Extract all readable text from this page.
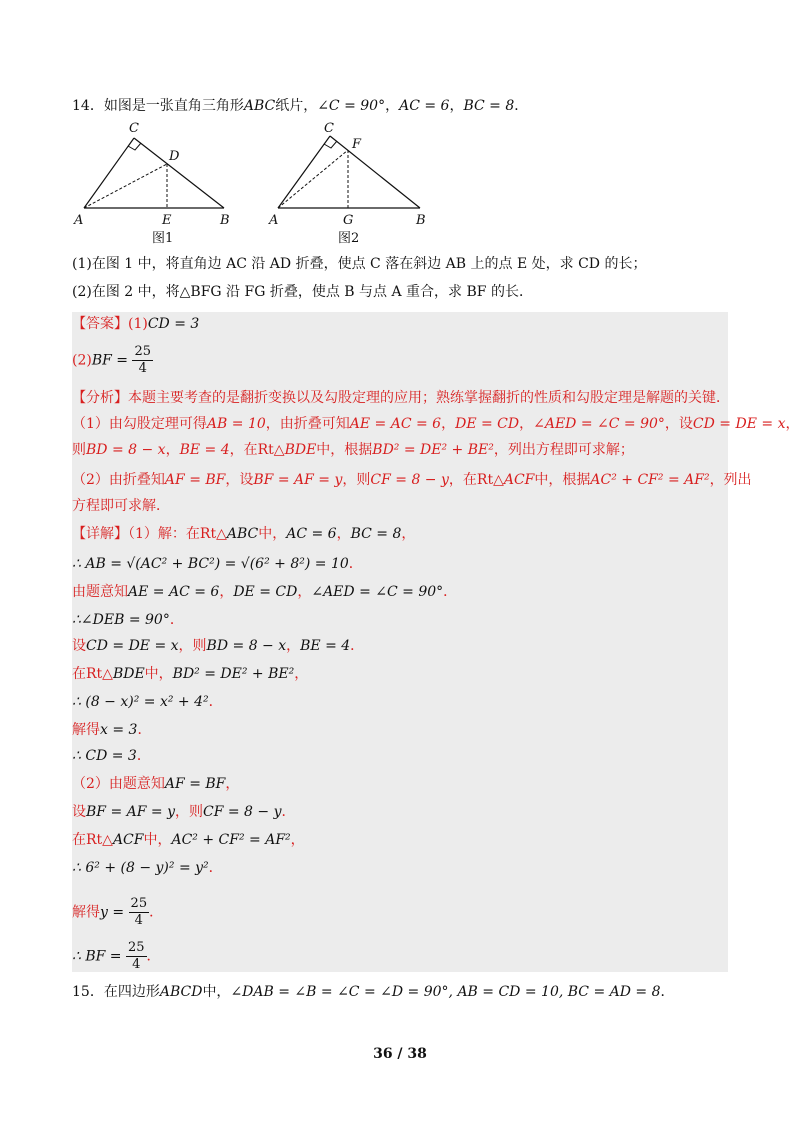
14．如图是一张直角三角形ABC纸片，∠C = 90°，AC = 6，BC = 8．
C
D
A	E	B
图1
C
F
A	G	B
图2
(1)在图 1 中，将直角边 AC 沿 AD 折叠，使点 C 落在斜边 AB 上的点 E 处，求 CD 的长；
(2)在图 2 中，将△BFG 沿 FG 折叠，使点 B 与点 A 重合，求 BF 的长．
【答案】(1)CD = 3
$(2)BF = \frac{25}{4}$
【分析】本题主要考查的是翻折变换以及勾股定理的应用；熟练掌握翻折的性质和勾股定理是解题的关键．
（1）由勾股定理可得AB = 10，由折叠可知AE = AC = 6，DE = CD，∠AED = ∠C = 90°，设CD = DE = x，
则BD = 8 − x，BE = 4，在Rt△BDE中，根据BD² = DE² + BE²，列出方程即可求解；
（2）由折叠知AF = BF，设BF = AF = y，则CF = 8 − y，在Rt△ACF中，根据AC² + CF² = AF²，列出
方程即可求解．
【详解】（1）解：在Rt△ABC中，AC = 6，BC = 8，
∴ AB = √(AC² + BC²) = √(6² + 8²) = 10．
由题意知AE = AC = 6，DE = CD，∠AED = ∠C = 90°．
∴∠DEB = 90°．
设CD = DE = x，则BD = 8 − x，BE = 4．
在Rt△BDE中，BD² = DE² + BE²，
∴ (8 − x)² = x² + 4²．
解得x = 3．
∴ CD = 3．
（2）由题意知AF = BF，
设BF = AF = y，则CF = 8 − y．
在Rt△ACF中，AC² + CF² = AF²，
∴ 6² + (8 − y)² = y²．
解得$y = \frac{25}{4}$ ．
∴ BF = $\frac{25}{4}$ ．
15．在四边形ABCD中，∠DAB = ∠B = ∠C = ∠D = 90°, AB = CD = 10, BC = AD = 8．
36 / 38
